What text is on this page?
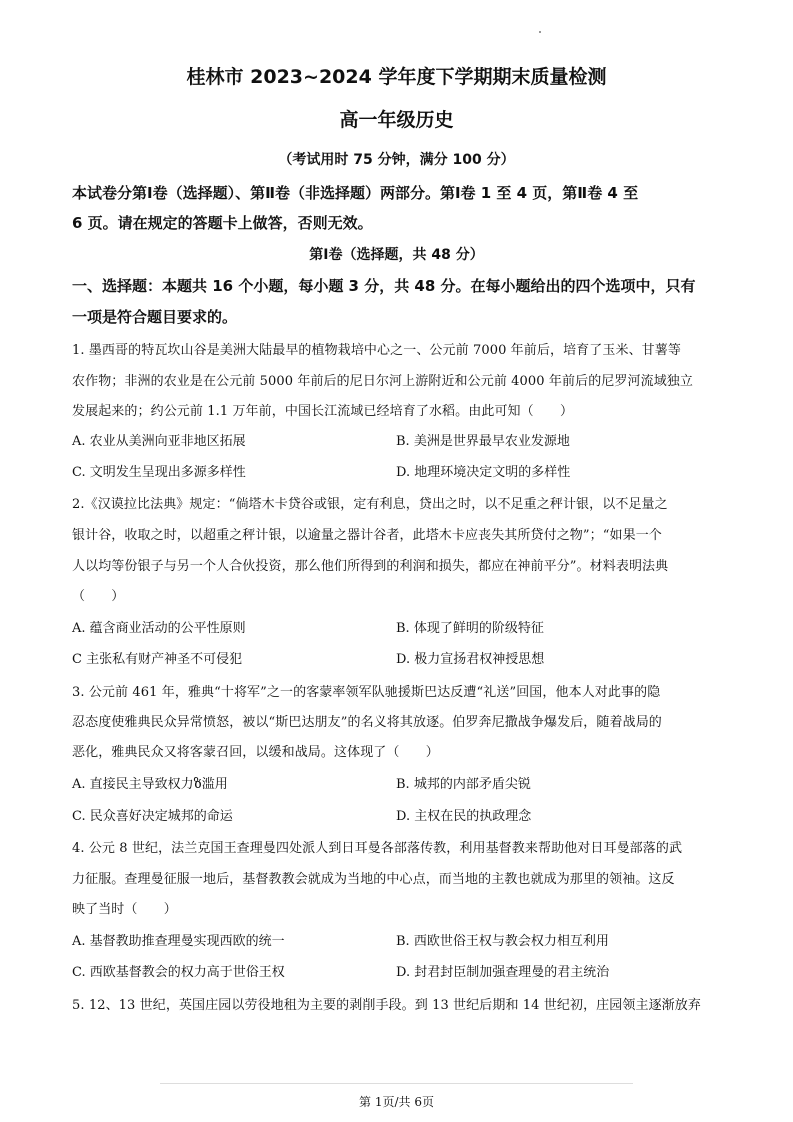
桂林市 2023~2024 学年度下学期期末质量检测
高一年级历史
（考试用时 75 分钟，满分 100 分）
本试卷分第Ⅰ卷（选择题）、第Ⅱ卷（非选择题）两部分。第Ⅰ卷 1 至 4 页，第Ⅱ卷 4 至
6 页。请在规定的答题卡上做答，否则无效。
第Ⅰ卷（选择题，共 48 分）
一、选择题：本题共 16 个小题，每小题 3 分，共 48 分。在每小题给出的四个选项中，只有
一项是符合题目要求的。
1. 墨西哥的特瓦坎山谷是美洲大陆最早的植物栽培中心之一、公元前 7000 年前后，培育了玉米、甘薯等
农作物；非洲的农业是在公元前 5000 年前后的尼日尔河上游附近和公元前 4000 年前后的尼罗河流域独立
发展起来的；约公元前 1.1 万年前，中国长江流域已经培育了水稻。由此可知（　　）
A. 农业从美洲向亚非地区拓展	B. 美洲是世界最早农业发源地
C. 文明发生呈现出多源多样性	D. 地理环境决定文明的多样性
2.《汉谟拉比法典》规定：“倘塔木卡贷谷或银，定有利息，贷出之时，以不足重之秤计银，以不足量之
银计谷，收取之时，以超重之秤计银，以逾量之器计谷者，此塔木卡应丧失其所贷付之物”；“如果一个
人以均等份银子与另一个人合伙投资，那么他们所得到的利润和损失，都应在神前平分”。材料表明法典
（　　）
A. 蕴含商业活动的公平性原则	B. 体现了鲜明的阶级特征
C 主张私有财产神圣不可侵犯	D. 极力宣扬君权神授思想
3. 公元前 461 年，雅典“十将军”之一的客蒙率领军队驰援斯巴达反遭“礼送”回国，他本人对此事的隐
忍态度使雅典民众异常愤怒，被以“斯巴达朋友”的名义将其放逐。伯罗奔尼撒战争爆发后，随着战局的
恶化，雅典民众又将客蒙召回，以缓和战局。这体现了（　　）
A. 直接民主导致权力ზ滥用	B. 城邦的内部矛盾尖锐
C. 民众喜好决定城邦的命运	D. 主权在民的执政理念
4. 公元 8 世纪，法兰克国王查理曼四处派人到日耳曼各部落传教，利用基督教来帮助他对日耳曼部落的武
力征服。查理曼征服一地后，基督教教会就成为当地的中心点，而当地的主教也就成为那里的领袖。这反
映了当时（　　）
A. 基督教助推查理曼实现西欧的统一	B. 西欧世俗王权与教会权力相互利用
C. 西欧基督教会的权力高于世俗王权	D. 封君封臣制加强查理曼的君主统治
5. 12、13 世纪，英国庄园以劳役地租为主要的剥削手段。到 13 世纪后期和 14 世纪初，庄园领主逐渐放弃
第 1页/共 6页
